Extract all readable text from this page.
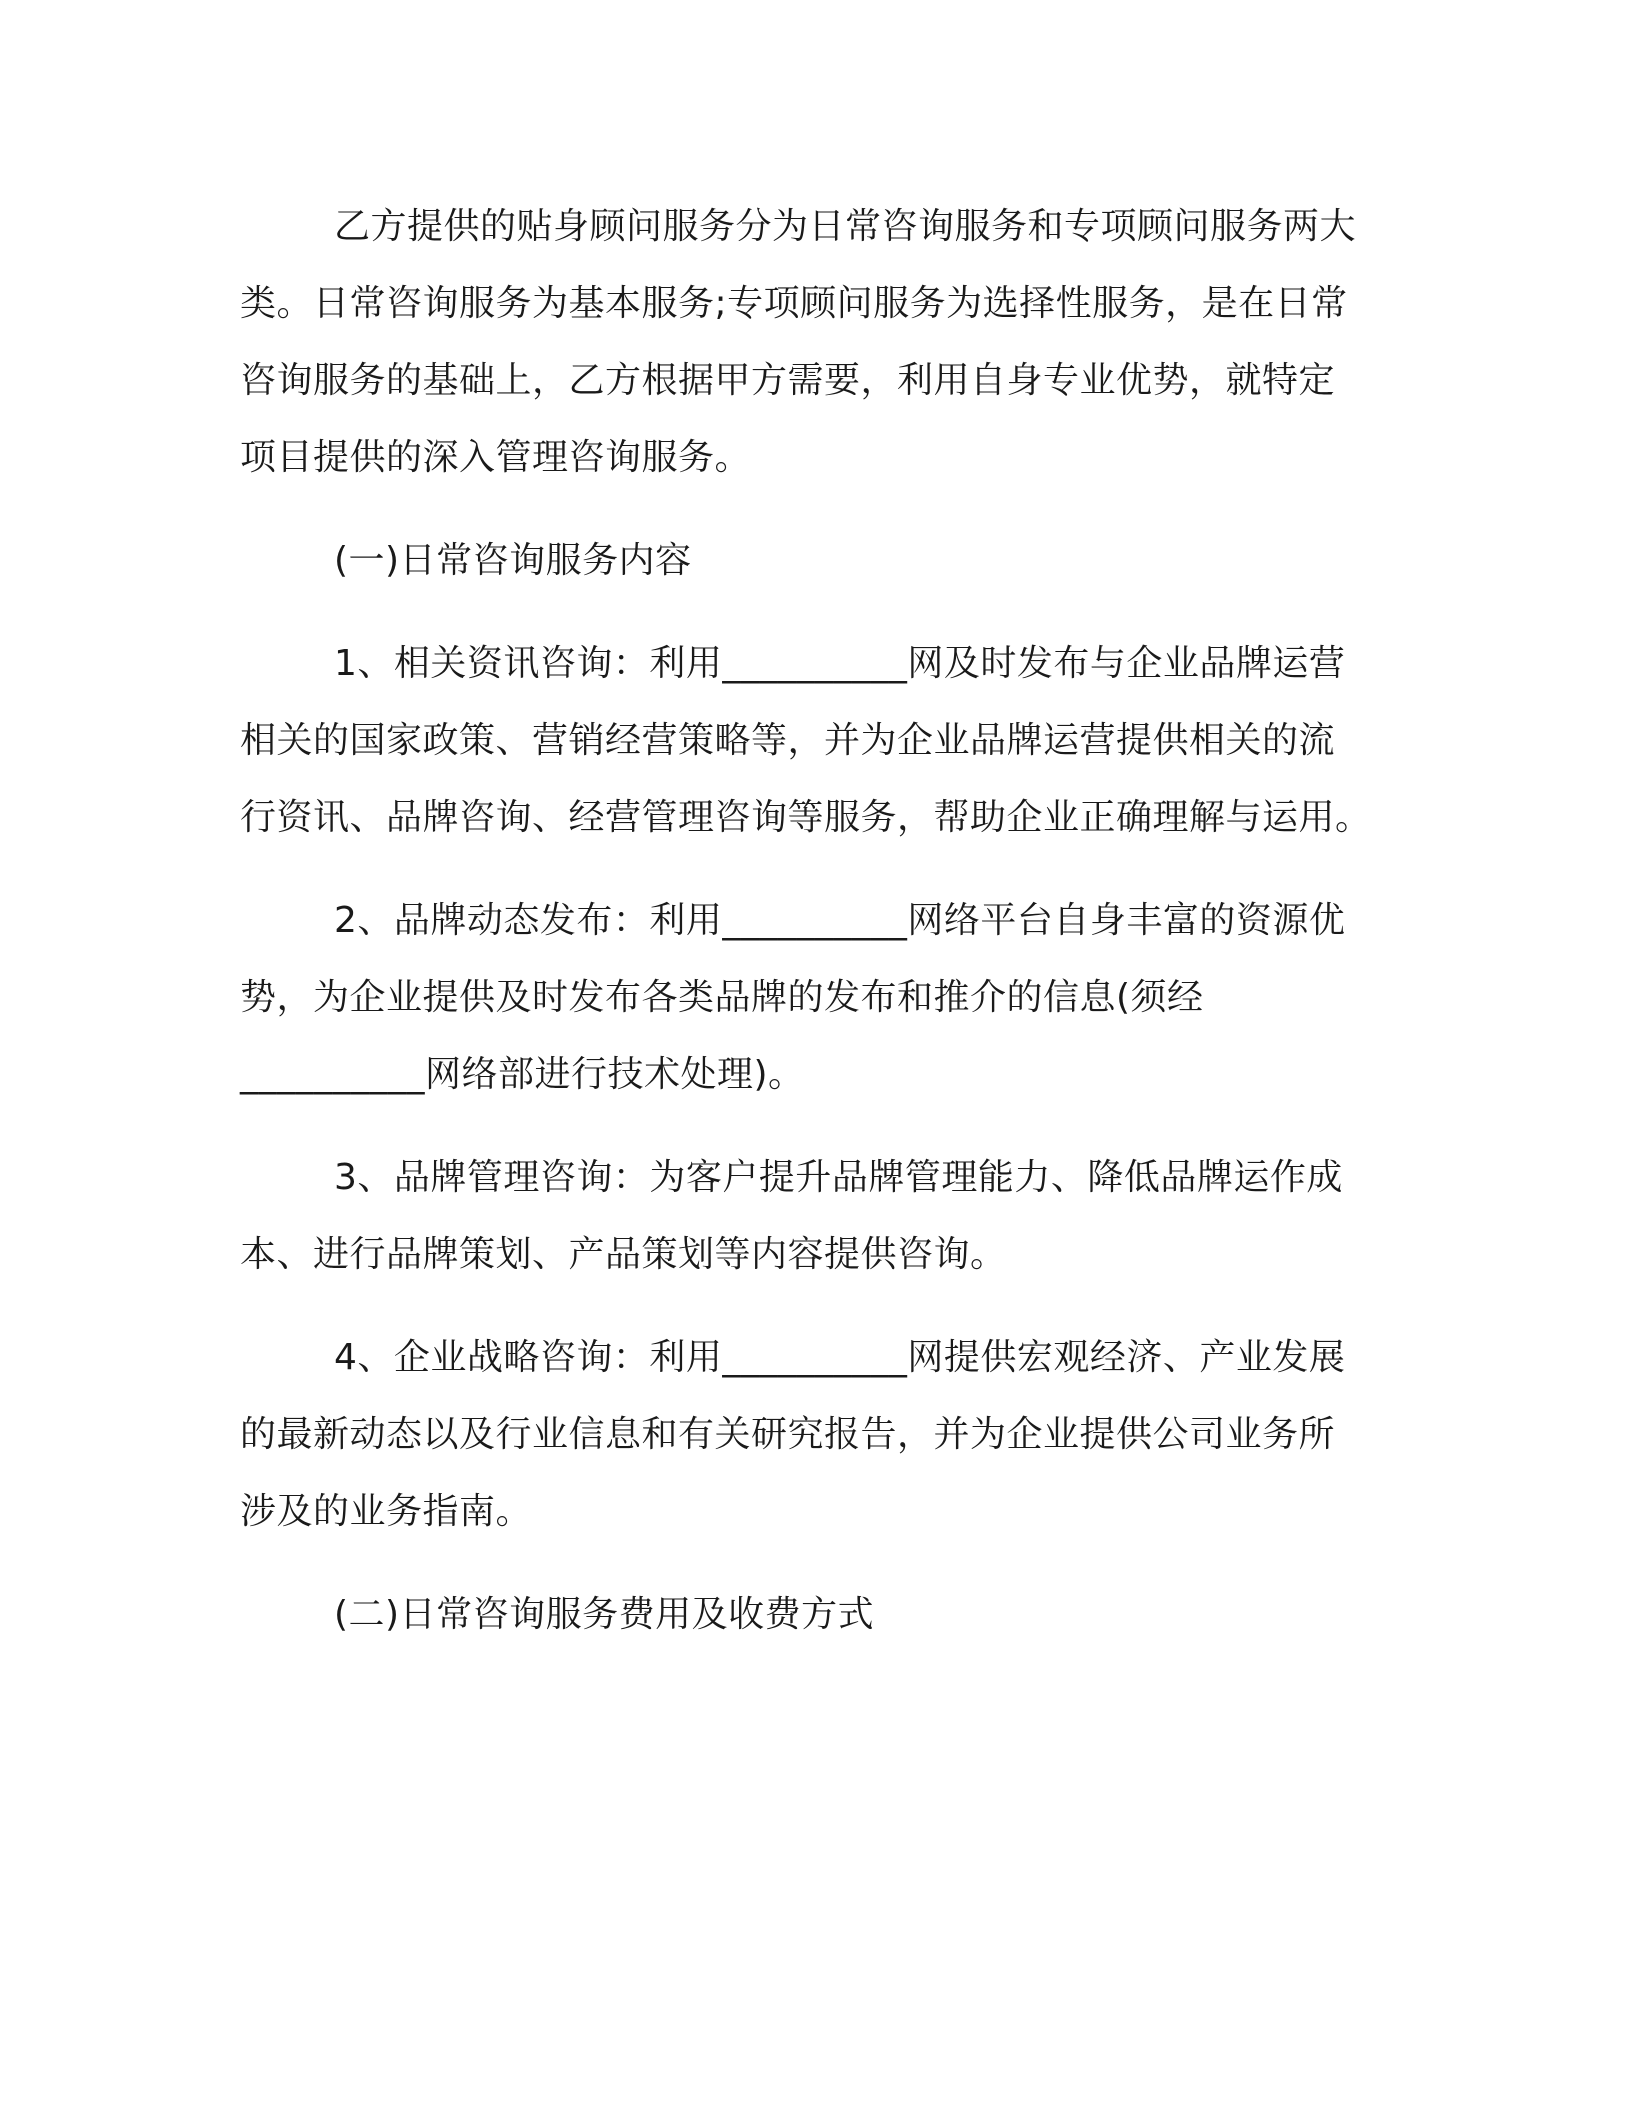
乙方提供的贴身顾问服务分为日常咨询服务和专项顾问服务两大
类。日常咨询服务为基本服务;专项顾问服务为选择性服务，是在日常
咨询服务的基础上，乙方根据甲方需要，利用自身专业优势，就特定
项目提供的深入管理咨询服务。
(一)日常咨询服务内容
1、相关资讯咨询：利用__________网及时发布与企业品牌运营
相关的国家政策、营销经营策略等，并为企业品牌运营提供相关的流
行资讯、品牌咨询、经营管理咨询等服务，帮助企业正确理解与运用。
2、品牌动态发布：利用__________网络平台自身丰富的资源优
势，为企业提供及时发布各类品牌的发布和推介的信息(须经
__________网络部进行技术处理)。
3、品牌管理咨询：为客户提升品牌管理能力、降低品牌运作成
本、进行品牌策划、产品策划等内容提供咨询。
4、企业战略咨询：利用__________网提供宏观经济、产业发展
的最新动态以及行业信息和有关研究报告，并为企业提供公司业务所
涉及的业务指南。
(二)日常咨询服务费用及收费方式
